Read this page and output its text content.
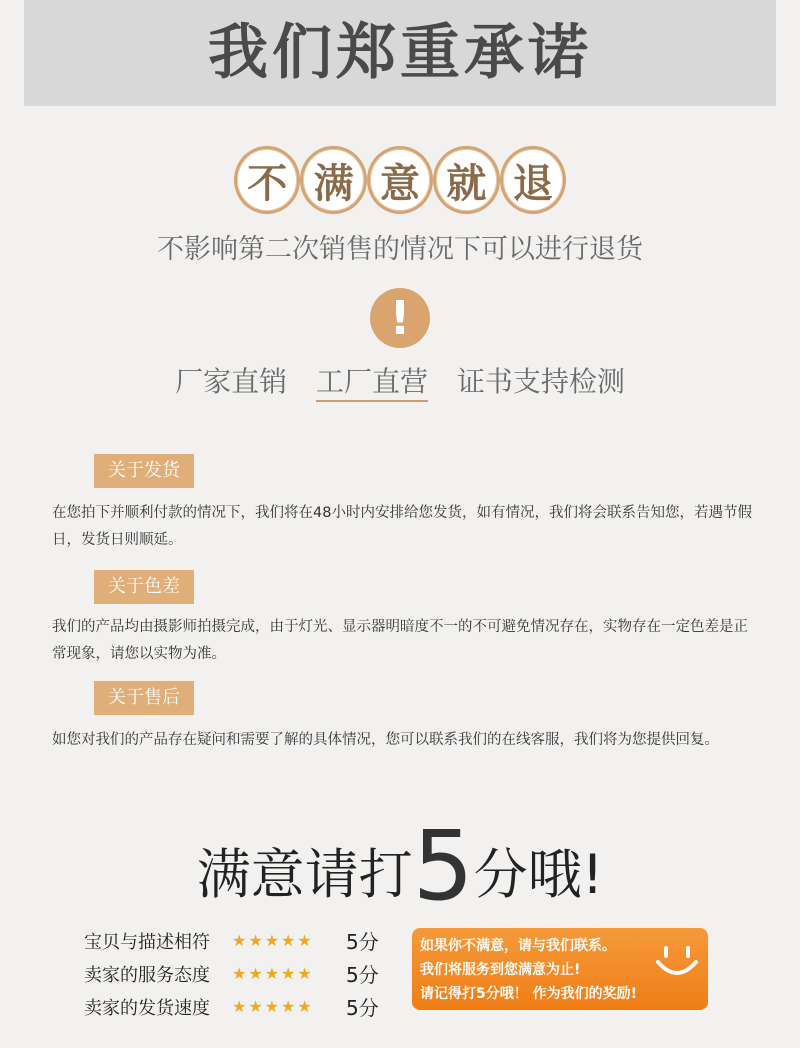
我们郑重承诺
不 满 意 就 退
不影响第二次销售的情况下可以进行退货
!
厂家直销 工厂直营 证书支持检测
关于发货
在您拍下并顺利付款的情况下，我们将在48小时内安排给您发货，如有情况，我们将会联系告知您，若遇节假日，发货日则顺延。
关于色差
我们的产品均由摄影师拍摄完成，由于灯光、显示器明暗度不一的不可避免情况存在，实物存在一定色差是正常现象，请您以实物为准。
关于售后
如您对我们的产品存在疑问和需要了解的具体情况，您可以联系我们的在线客服，我们将为您提供回复。
满意请打5分哦!
宝贝与描述相符	★★★★★	5分
卖家的服务态度	★★★★★	5分
卖家的发货速度	★★★★★	5分
如果你不满意，请与我们联系。
我们将服务到您满意为止!
请记得打5分哦！ 作为我们的奖励!
